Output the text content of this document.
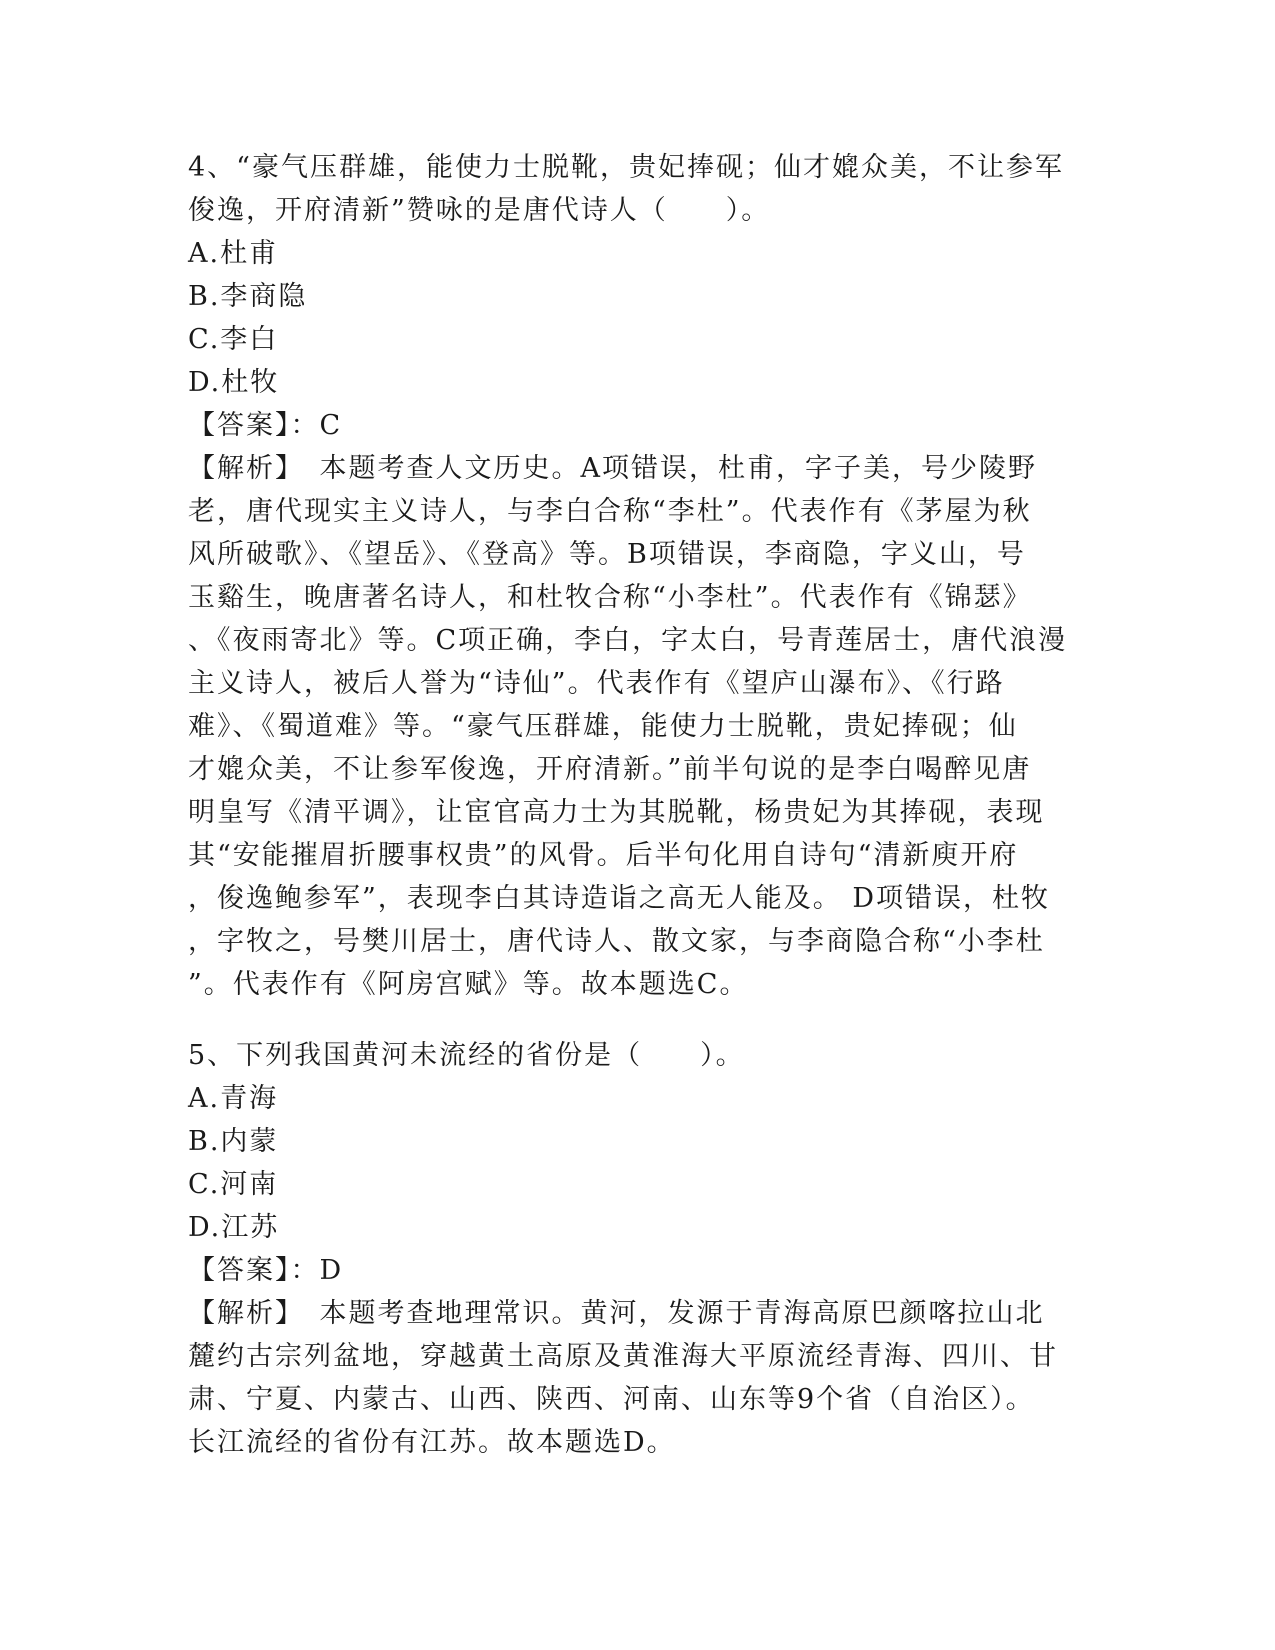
4、“豪气压群雄，能使力士脱靴，贵妃捧砚；仙才媲众美，不让参军
俊逸，开府清新”赞咏的是唐代诗人（　　）。
A.杜甫
B.李商隐
C.李白
D.杜牧
【答案】：C
【解析】　本题考查人文历史。A项错误，杜甫，字子美，号少陵野
老，唐代现实主义诗人，与李白合称“李杜”。代表作有《茅屋为秋
风所破歌》、《望岳》、《登高》等。B项错误，李商隐，字义山，号
玉谿生，晚唐著名诗人，和杜牧合称“小李杜”。代表作有《锦瑟》
、《夜雨寄北》等。C项正确，李白，字太白，号青莲居士，唐代浪漫
主义诗人，被后人誉为“诗仙”。代表作有《望庐山瀑布》、《行路
难》、《蜀道难》等。“豪气压群雄，能使力士脱靴，贵妃捧砚；仙
才媲众美，不让参军俊逸，开府清新。”前半句说的是李白喝醉见唐
明皇写《清平调》，让宦官高力士为其脱靴，杨贵妃为其捧砚，表现
其“安能摧眉折腰事权贵”的风骨。后半句化用自诗句“清新庾开府
，俊逸鲍参军”，表现李白其诗造诣之高无人能及。 D项错误，杜牧
，字牧之，号樊川居士，唐代诗人、散文家，与李商隐合称“小李杜
”。代表作有《阿房宫赋》等。故本题选C。
5、下列我国黄河未流经的省份是（　　）。
A.青海
B.内蒙
C.河南
D.江苏
【答案】：D
【解析】　本题考查地理常识。黄河，发源于青海高原巴颜喀拉山北
麓约古宗列盆地，穿越黄土高原及黄淮海大平原流经青海、四川、甘
肃、宁夏、内蒙古、山西、陕西、河南、山东等9个省（自治区）。
长江流经的省份有江苏。故本题选D。
